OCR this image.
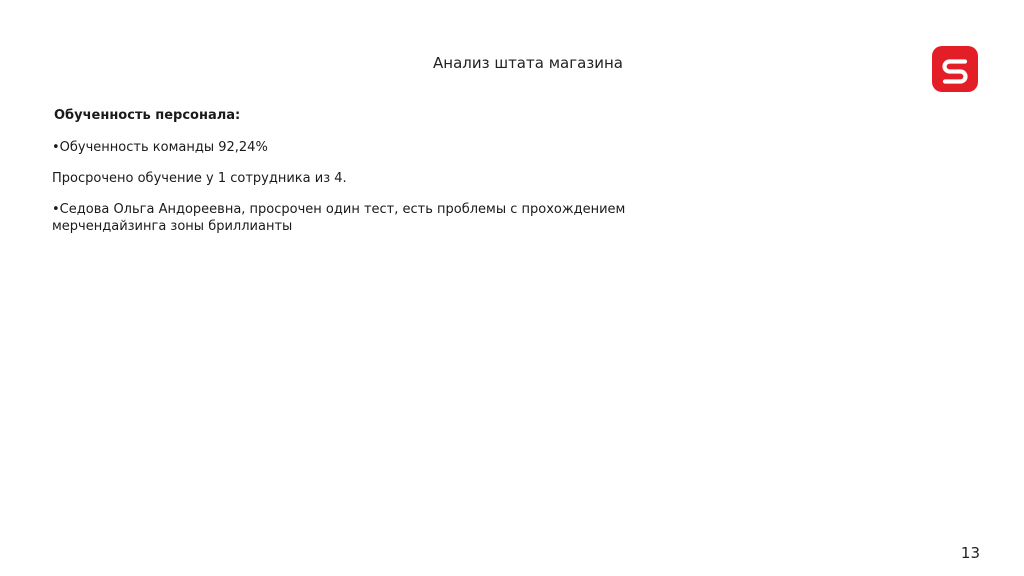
Анализ штата магазина
Обученность персонала:

•Обученность команды 92,24%

Просрочено обучение у 1 сотрудника из 4.

•Седова Ольга Андореевна, просрочен один тест, есть проблемы с прохождением мерчендайзинга зоны бриллианты

13
